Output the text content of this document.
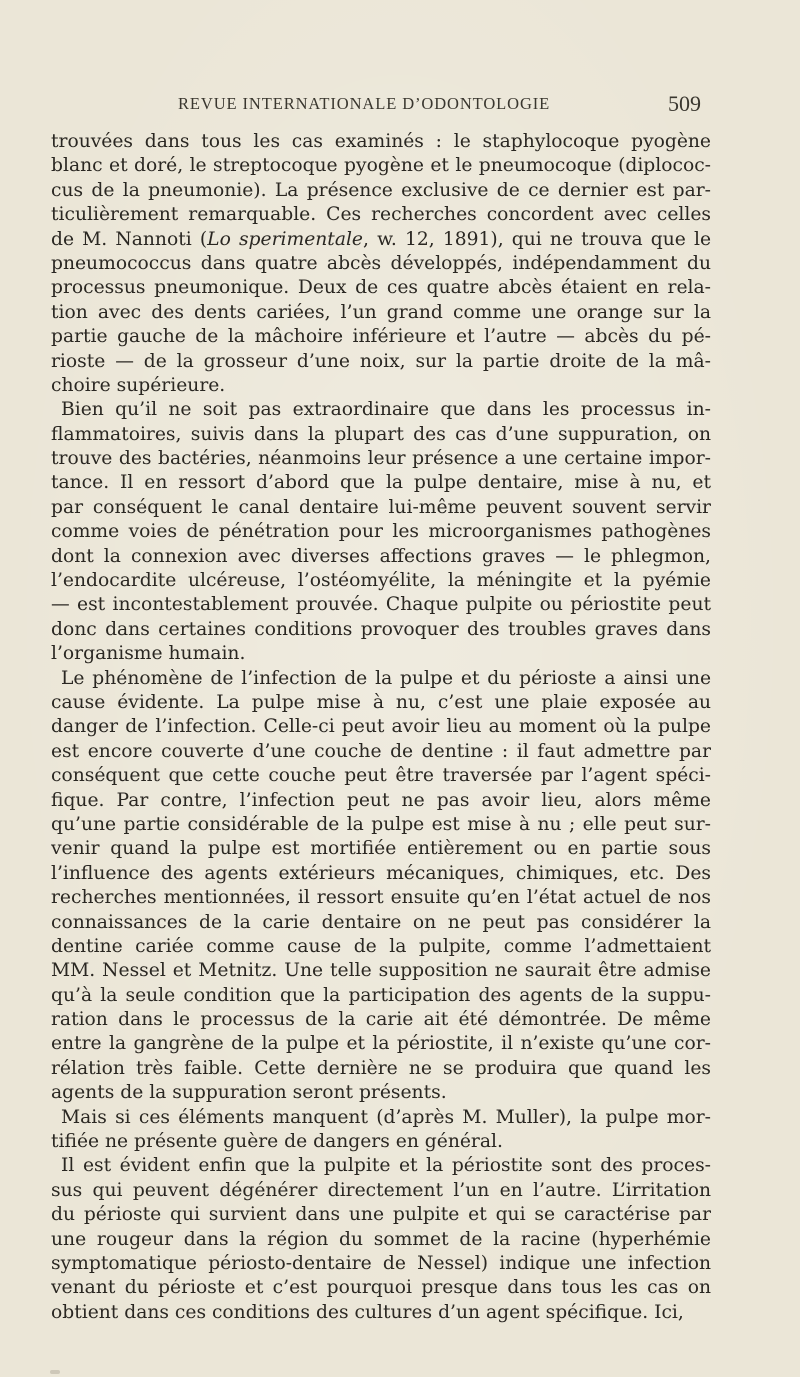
REVUE INTERNATIONALE D’ODONTOLOGIE	509
trouvées dans tous les cas examinés : le staphylocoque pyogène
blanc et doré, le streptocoque pyogène et le pneumocoque (diplococ-
cus de la pneumonie). La présence exclusive de ce dernier est par-
ticulièrement remarquable. Ces recherches concordent avec celles
de M. Nannoti (Lo sperimentale, w. 12, 1891), qui ne trouva que le
pneumococcus dans quatre abcès développés, indépendamment du
processus pneumonique. Deux de ces quatre abcès étaient en rela-
tion avec des dents cariées, l’un grand comme une orange sur la
partie gauche de la mâchoire inférieure et l’autre — abcès du pé-
rioste — de la grosseur d’une noix, sur la partie droite de la mâ-
choire supérieure.
Bien qu’il ne soit pas extraordinaire que dans les processus in-
flammatoires, suivis dans la plupart des cas d’une suppuration, on
trouve des bactéries, néanmoins leur présence a une certaine impor-
tance. Il en ressort d’abord que la pulpe dentaire, mise à nu, et
par conséquent le canal dentaire lui-même peuvent souvent servir
comme voies de pénétration pour les microorganismes pathogènes
dont la connexion avec diverses affections graves — le phlegmon,
l’endocardite ulcéreuse, l’ostéomyélite, la méningite et la pyémie
— est incontestablement prouvée. Chaque pulpite ou périostite peut
donc dans certaines conditions provoquer des troubles graves dans
l’organisme humain.
Le phénomène de l’infection de la pulpe et du périoste a ainsi une
cause évidente. La pulpe mise à nu, c’est une plaie exposée au
danger de l’infection. Celle-ci peut avoir lieu au moment où la pulpe
est encore couverte d’une couche de dentine : il faut admettre par
conséquent que cette couche peut être traversée par l’agent spéci-
fique. Par contre, l’infection peut ne pas avoir lieu, alors même
qu’une partie considérable de la pulpe est mise à nu ; elle peut sur-
venir quand la pulpe est mortifiée entièrement ou en partie sous
l’influence des agents extérieurs mécaniques, chimiques, etc. Des
recherches mentionnées, il ressort ensuite qu’en l’état actuel de nos
connaissances de la carie dentaire on ne peut pas considérer la
dentine cariée comme cause de la pulpite, comme l’admettaient
MM. Nessel et Metnitz. Une telle supposition ne saurait être admise
qu’à la seule condition que la participation des agents de la suppu-
ration dans le processus de la carie ait été démontrée. De même
entre la gangrène de la pulpe et la périostite, il n’existe qu’une cor-
rélation très faible. Cette dernière ne se produira que quand les
agents de la suppuration seront présents.
Mais si ces éléments manquent (d’après M. Muller), la pulpe mor-
tifiée ne présente guère de dangers en général.
Il est évident enfin que la pulpite et la périostite sont des proces-
sus qui peuvent dégénérer directement l’un en l’autre. L’irritation
du périoste qui survient dans une pulpite et qui se caractérise par
une rougeur dans la région du sommet de la racine (hyperhémie
symptomatique périosto-dentaire de Nessel) indique une infection
venant du périoste et c’est pourquoi presque dans tous les cas on
obtient dans ces conditions des cultures d’un agent spécifique. Ici,
